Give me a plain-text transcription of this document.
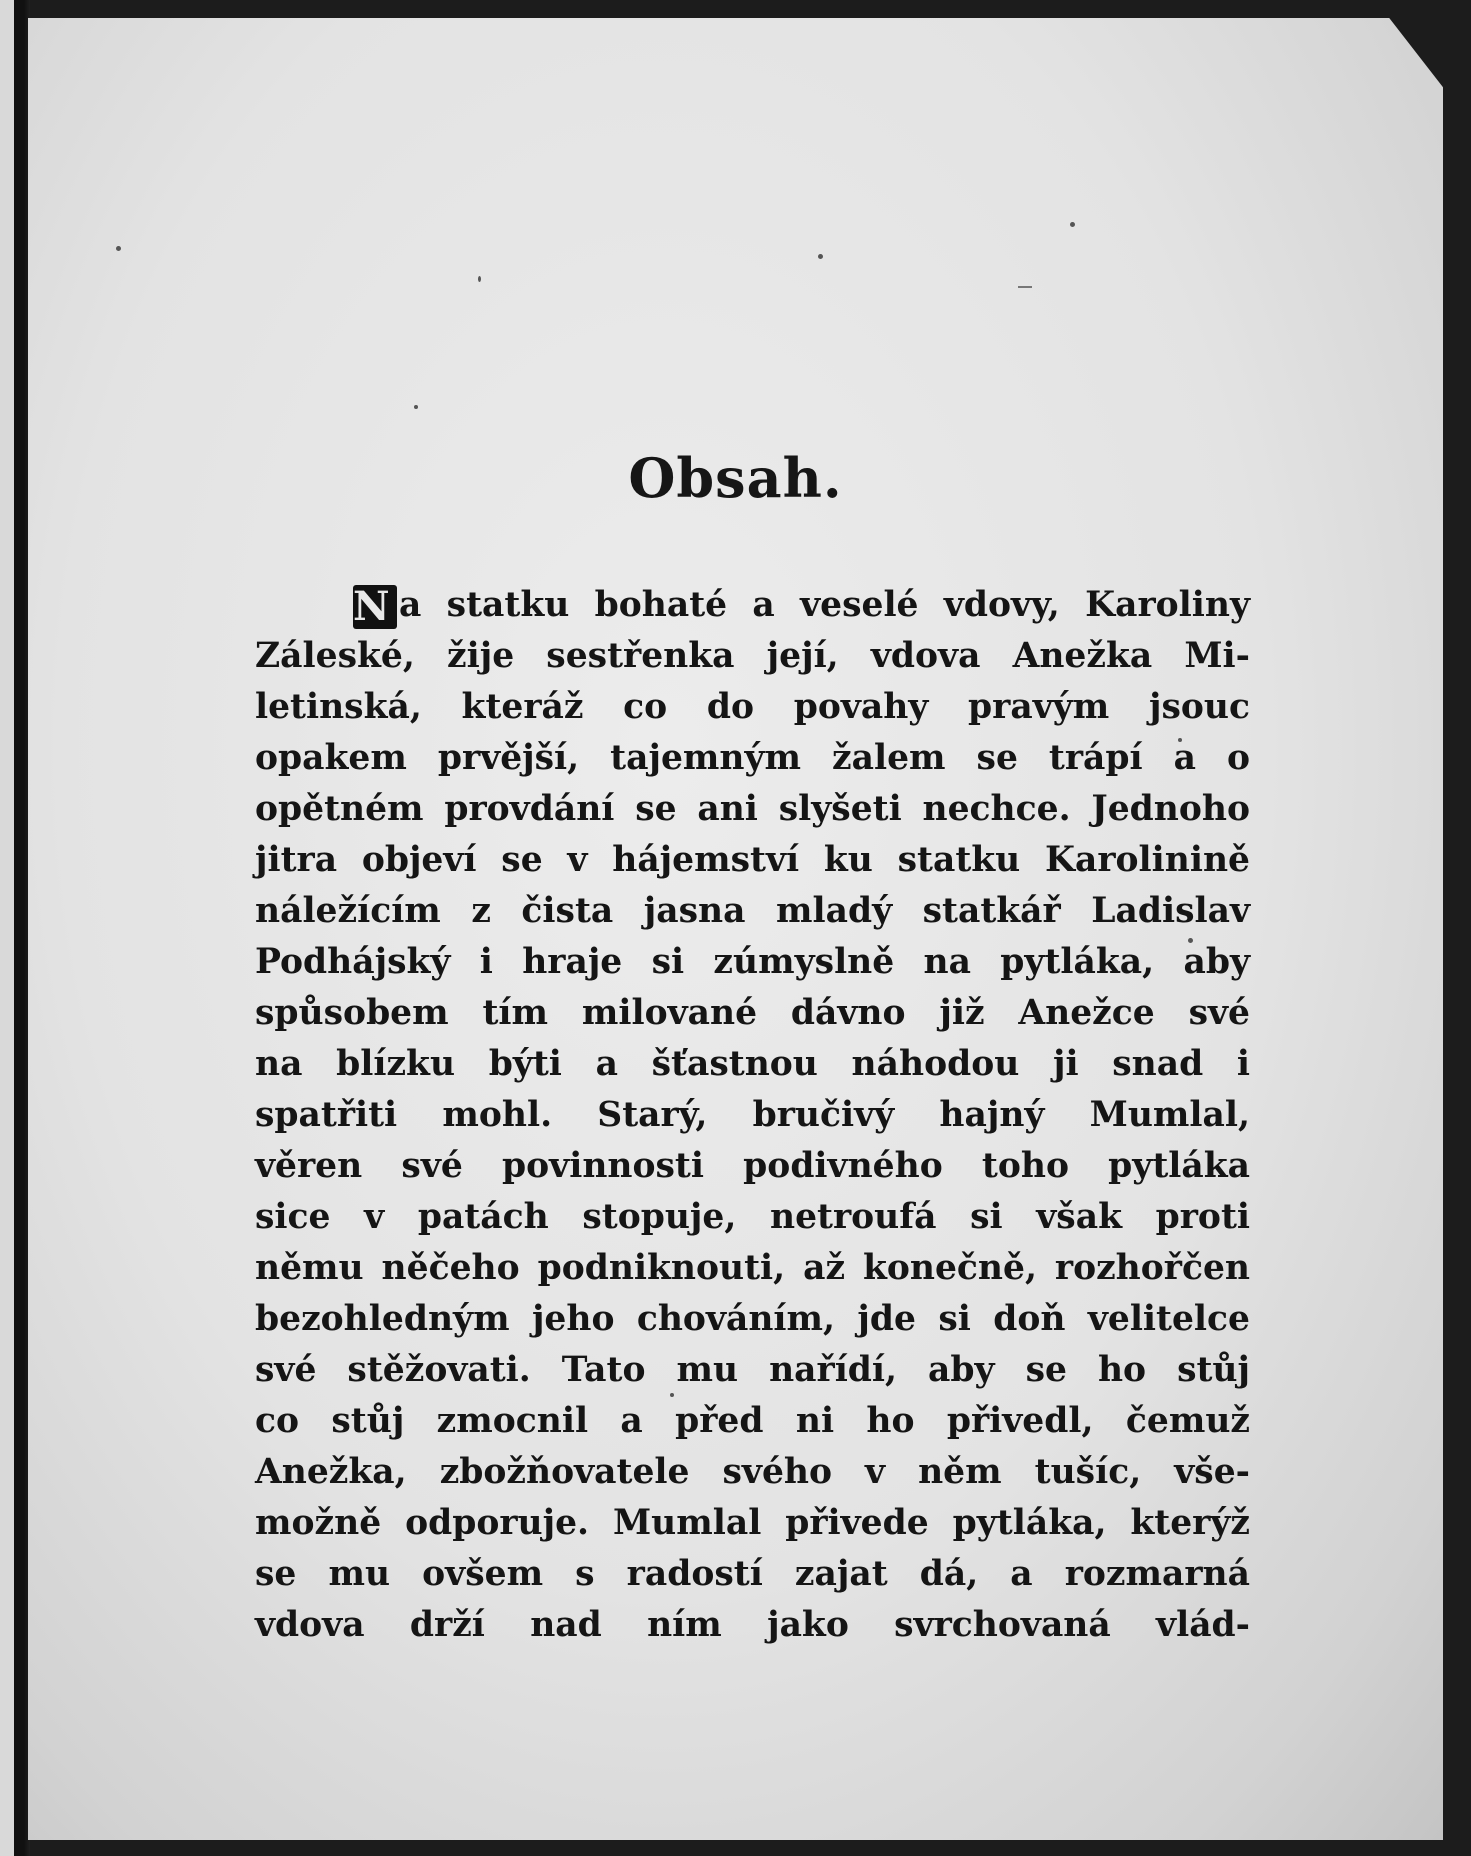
Obsah.
N a statku bohaté a veselé vdovy, Karoliny
Záleské, žije sestřenka její, vdova Anežka Mi-
letinská, kteráž co do povahy pravým jsouc
opakem prvější, tajemným žalem se trápí a o
opětném provdání se ani slyšeti nechce. Jednoho
jitra objeví se v hájemství ku statku Karolinině
náležícím z čista jasna mladý statkář Ladislav
Podhájský i hraje si zúmyslně na pytláka, aby
spůsobem tím milované dávno již Anežce své
na blízku býti a šťastnou náhodou ji snad i
spatřiti mohl. Starý, bručivý hajný Mumlal,
věren své povinnosti podivného toho pytláka
sice v patách stopuje, netroufá si však proti
němu něčeho podniknouti, až konečně, rozhořčen
bezohledným jeho chováním, jde si doň velitelce
své stěžovati. Tato mu nařídí, aby se ho stůj
co stůj zmocnil a před ni ho přivedl, čemuž
Anežka, zbožňovatele svého v něm tušíc, vše-
možně odporuje. Mumlal přivede pytláka, kterýž
se mu ovšem s radostí zajat dá, a rozmarná
vdova drží nad ním jako svrchovaná vlád-
